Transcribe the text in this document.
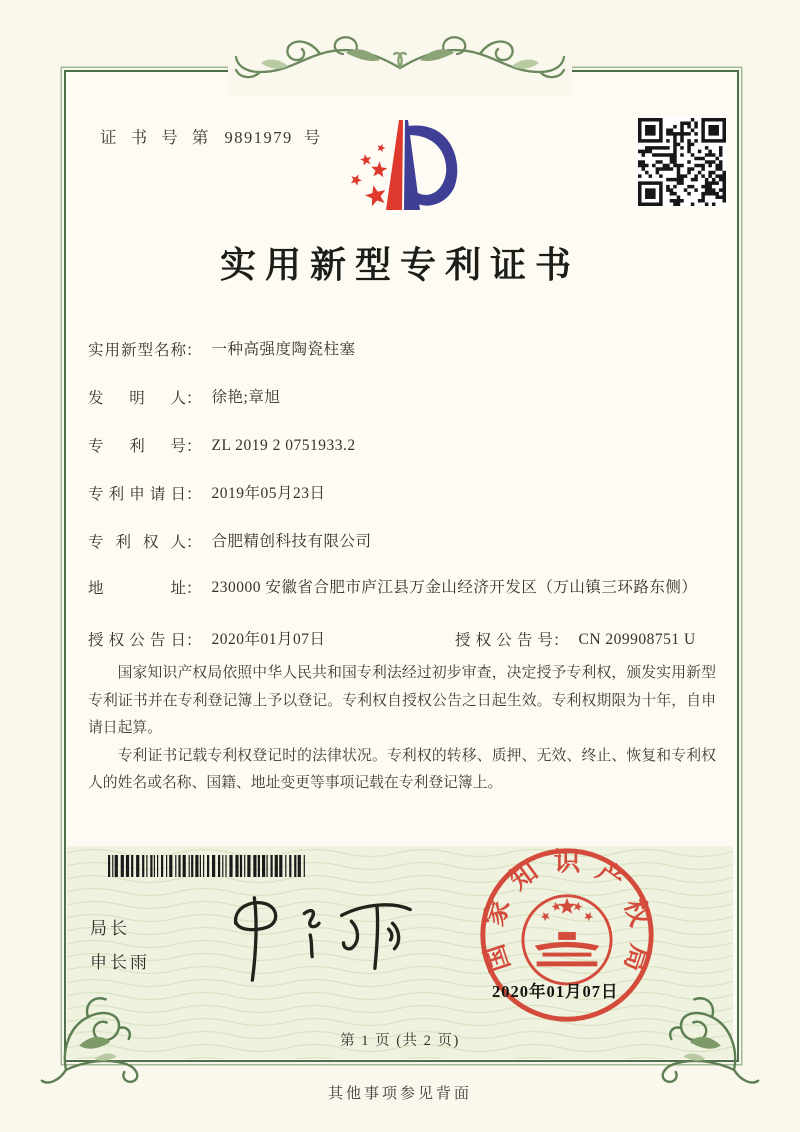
证 书 号 第 9891979 号
实用新型专利证书
实用新型名称 ： 一种高强度陶瓷柱塞
发明人 ： 徐艳;章旭
专利号 ： ZL 2019 2 0751933.2
专利申请日 ： 2019年05月23日
专利权人 ： 合肥精创科技有限公司
地址 ： 230000 安徽省合肥市庐江县万金山经济开发区（万山镇三环路东侧）
授权公告日 ： 2020年01月07日	授权公告号 ： CN 209908751 U

国家知识产权局依照中华人民共和国专利法经过初步审查，决定授予专利权，颁发实用新型专利证书并在专利登记簿上予以登记。专利权自授权公告之日起生效。专利权期限为十年，自申请日起算。

专利证书记载专利权登记时的法律状况。专利权的转移、质押、无效、终止、恢复和专利权人的姓名或名称、国籍、地址变更等事项记载在专利登记簿上。

局长
申长雨	国家知识产权局
2020年01月07日
第 1 页 (共 2 页)
其他事项参见背面
